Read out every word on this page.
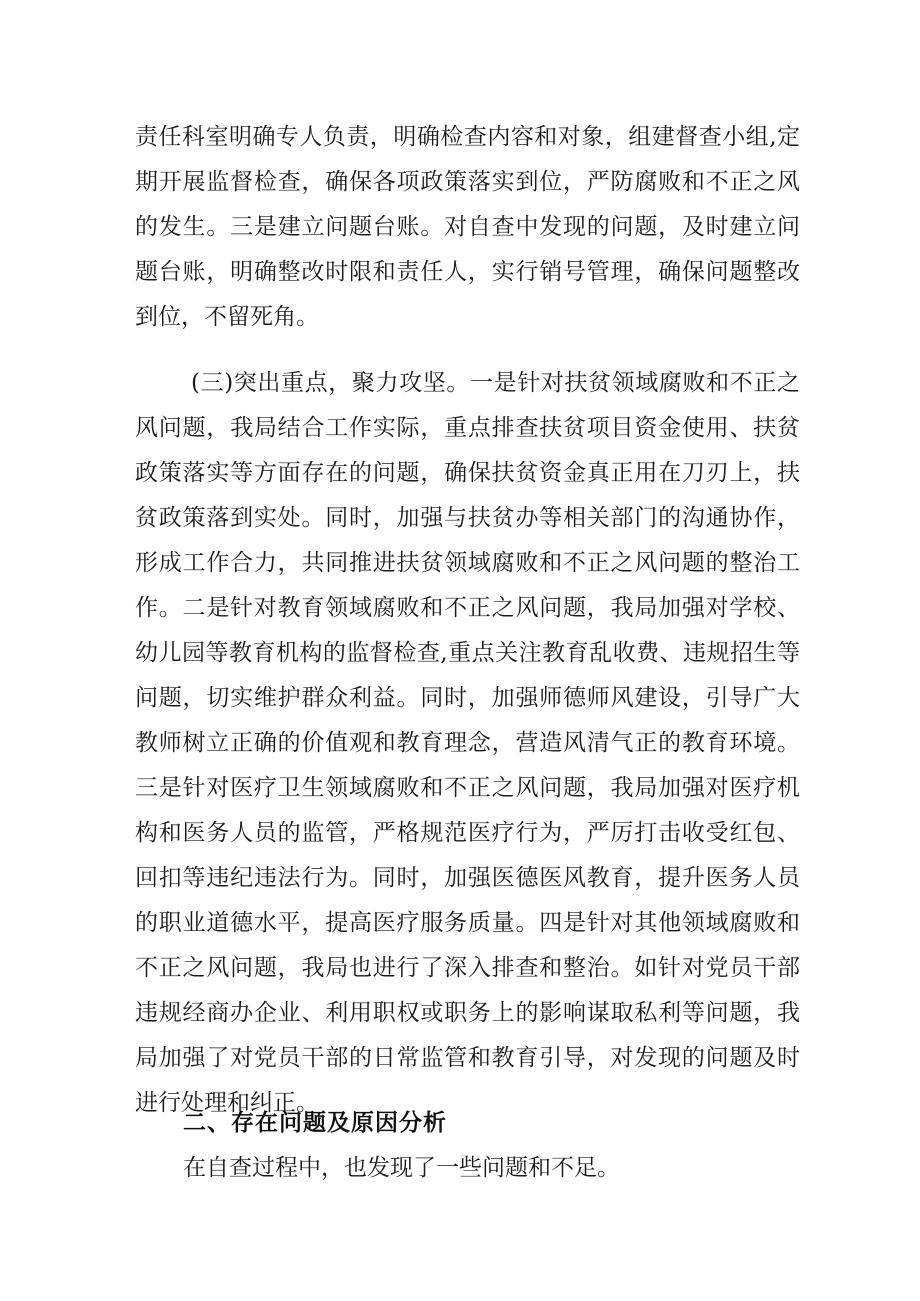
责任科室明确专人负责，明确检查内容和对象，组建督查小组,定期开展监督检查，确保各项政策落实到位，严防腐败和不正之风的发生。三是建立问题台账。对自查中发现的问题，及时建立问题台账，明确整改时限和责任人，实行销号管理，确保问题整改到位，不留死角。

(三)突出重点，聚力攻坚。一是针对扶贫领域腐败和不正之风问题，我局结合工作实际，重点排查扶贫项目资金使用、扶贫政策落实等方面存在的问题，确保扶贫资金真正用在刀刃上，扶贫政策落到实处。同时，加强与扶贫办等相关部门的沟通协作，形成工作合力，共同推进扶贫领域腐败和不正之风问题的整治工作。二是针对教育领域腐败和不正之风问题，我局加强对学校、幼儿园等教育机构的监督检查,重点关注教育乱收费、违规招生等问题，切实维护群众利益。同时，加强师德师风建设，引导广大教师树立正确的价值观和教育理念，营造风清气正的教育环境。三是针对医疗卫生领域腐败和不正之风问题，我局加强对医疗机构和医务人员的监管，严格规范医疗行为，严厉打击收受红包、回扣等违纪违法行为。同时，加强医德医风教育，提升医务人员的职业道德水平，提高医疗服务质量。四是针对其他领域腐败和不正之风问题，我局也进行了深入排查和整治。如针对党员干部违规经商办企业、利用职权或职务上的影响谋取私利等问题，我局加强了对党员干部的日常监管和教育引导，对发现的问题及时进行处理和纠正。

二、存在问题及原因分析

在自查过程中，也发现了一些问题和不足。
